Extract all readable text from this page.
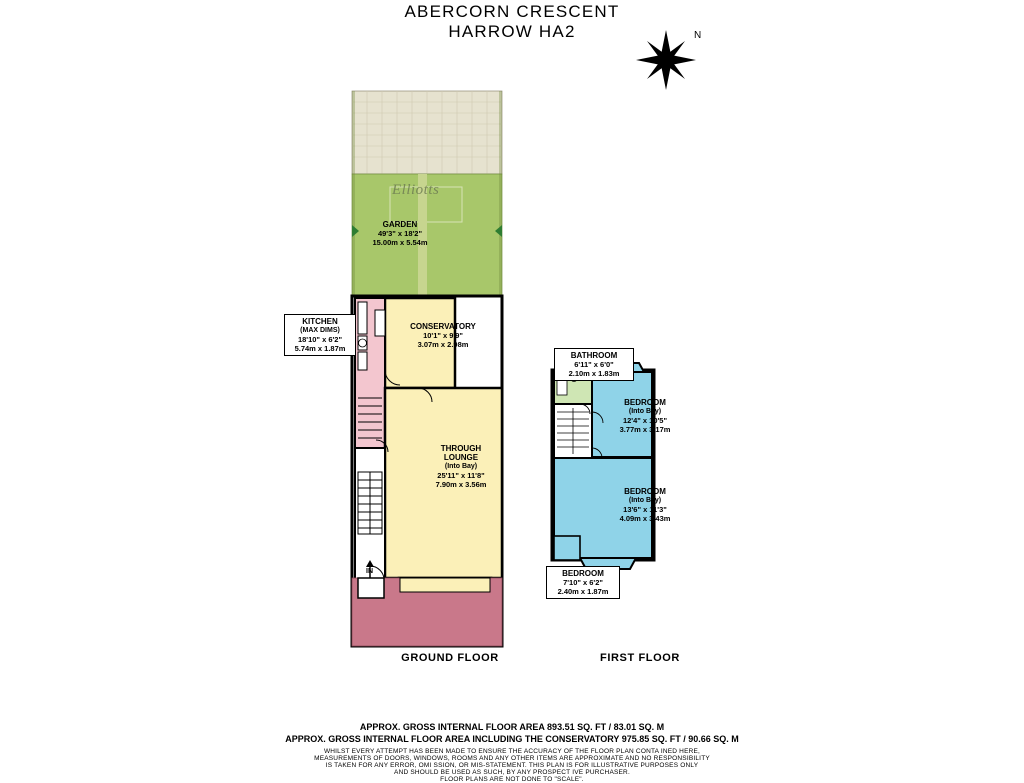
ABERCORN CRESCENT
HARROW HA2	N
Elliotts
GARDEN
49'3" x 18'2"
15.00m x 5.54m
KITCHEN
(MAX DIMS)
18'10" x 6'2"
5.74m x 1.87m
CONSERVATORY
10'1" x 9'9"
3.07m x 2.98m
THROUGH
LOUNGE
(Into Bay)
25'11" x 11'8"
7.90m x 3.56m
BATHROOM
6'11" x 6'0"
2.10m x 1.83m
BEDROOM
(Into Bay)
12'4" x 10'5"
3.77m x 3.17m
BEDROOM
(Into Bay)
13'6" x 11'3"
4.09m x 3.43m
BEDROOM
7'10" x 6'2"
2.40m x 1.87m
IN
GROUND FLOOR	FIRST FLOOR
APPROX. GROSS INTERNAL FLOOR AREA 893.51 SQ. FT / 83.01 SQ. M
APPROX. GROSS INTERNAL FLOOR AREA INCLUDING THE CONSERVATORY 975.85 SQ. FT / 90.66 SQ. M
WHILST EVERY ATTEMPT HAS BEEN MADE TO ENSURE THE ACCURACY OF THE FLOOR PLAN CONTA INED HERE,
MEASUREMENTS OF DOORS, WINDOWS, ROOMS AND ANY OTHER ITEMS ARE APPROXIMATE AND NO RESPONSIBILITY
IS TAKEN FOR ANY ERROR, OMI SSION, OR MIS-STATEMENT. THIS PLAN IS FOR ILLUSTRATIVE PURPOSES ONLY
AND SHOULD BE USED AS SUCH, BY ANY PROSPECT IVE PURCHASER.
FLOOR PLANS ARE NOT DONE TO "SCALE".
